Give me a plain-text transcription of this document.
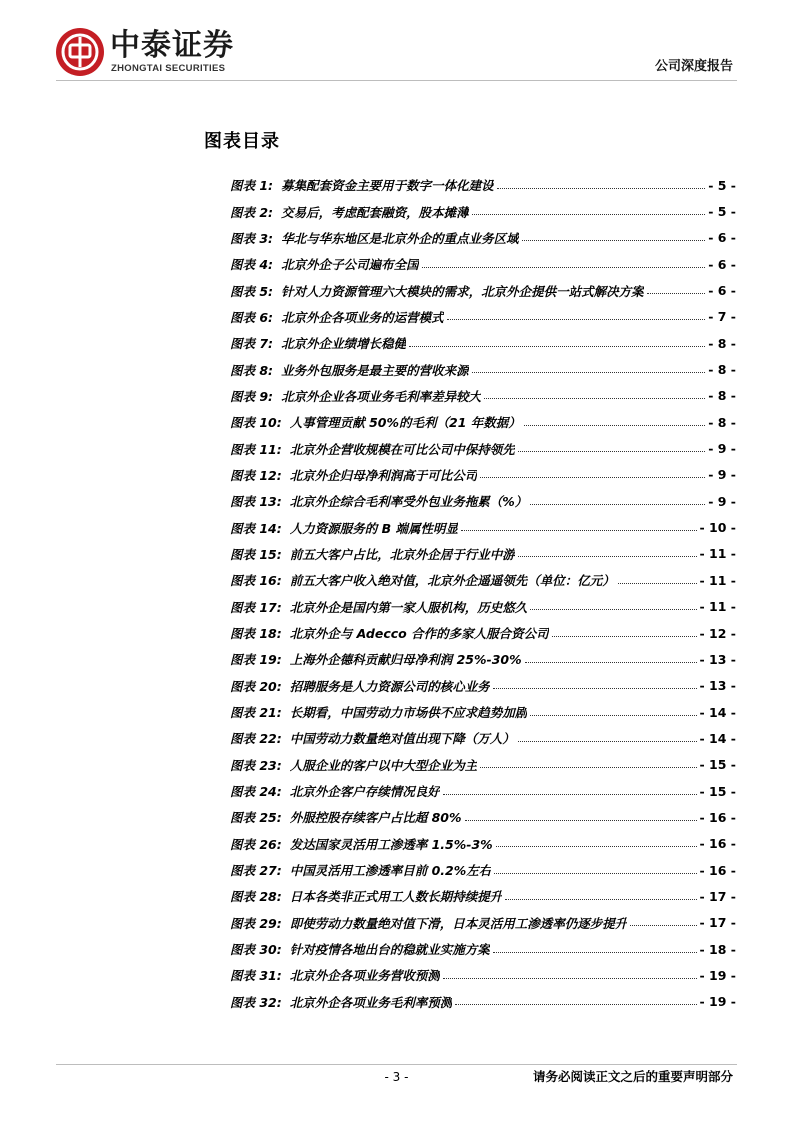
中泰证券
ZHONGTAI SECURITIES	公司深度报告
图表目录
图表 1: 募集配套资金主要用于数字一体化建设	- 5 -
图表 2: 交易后，考虑配套融资，股本摊薄	- 5 -
图表 3: 华北与华东地区是北京外企的重点业务区域	- 6 -
图表 4: 北京外企子公司遍布全国	- 6 -
图表 5: 针对人力资源管理六大模块的需求，北京外企提供一站式解决方案	- 6 -
图表 6: 北京外企各项业务的运营模式	- 7 -
图表 7: 北京外企业绩增长稳健	- 8 -
图表 8: 业务外包服务是最主要的营收来源	- 8 -
图表 9: 北京外企业各项业务毛利率差异较大	- 8 -
图表 10: 人事管理贡献 50%的毛利（21 年数据）	- 8 -
图表 11: 北京外企营收规模在可比公司中保持领先	- 9 -
图表 12: 北京外企归母净利润高于可比公司	- 9 -
图表 13: 北京外企综合毛利率受外包业务拖累（%）	- 9 -
图表 14: 人力资源服务的 B 端属性明显	- 10 -
图表 15: 前五大客户占比，北京外企居于行业中游	- 11 -
图表 16: 前五大客户收入绝对值，北京外企遥遥领先（单位：亿元）	- 11 -
图表 17: 北京外企是国内第一家人服机构，历史悠久	- 11 -
图表 18: 北京外企与 Adecco 合作的多家人服合资公司	- 12 -
图表 19: 上海外企德科贡献归母净利润 25%-30%	- 13 -
图表 20: 招聘服务是人力资源公司的核心业务	- 13 -
图表 21: 长期看，中国劳动力市场供不应求趋势加剧	- 14 -
图表 22: 中国劳动力数量绝对值出现下降（万人）	- 14 -
图表 23: 人服企业的客户以中大型企业为主	- 15 -
图表 24: 北京外企客户存续情况良好	- 15 -
图表 25: 外服控股存续客户占比超 80%	- 16 -
图表 26: 发达国家灵活用工渗透率 1.5%-3%	- 16 -
图表 27: 中国灵活用工渗透率目前 0.2%左右	- 16 -
图表 28: 日本各类非正式用工人数长期持续提升	- 17 -
图表 29: 即使劳动力数量绝对值下滑，日本灵活用工渗透率仍逐步提升	- 17 -
图表 30: 针对疫情各地出台的稳就业实施方案	- 18 -
图表 31: 北京外企各项业务营收预测	- 19 -
图表 32: 北京外企各项业务毛利率预测	- 19 -
- 3 -	请务必阅读正文之后的重要声明部分
